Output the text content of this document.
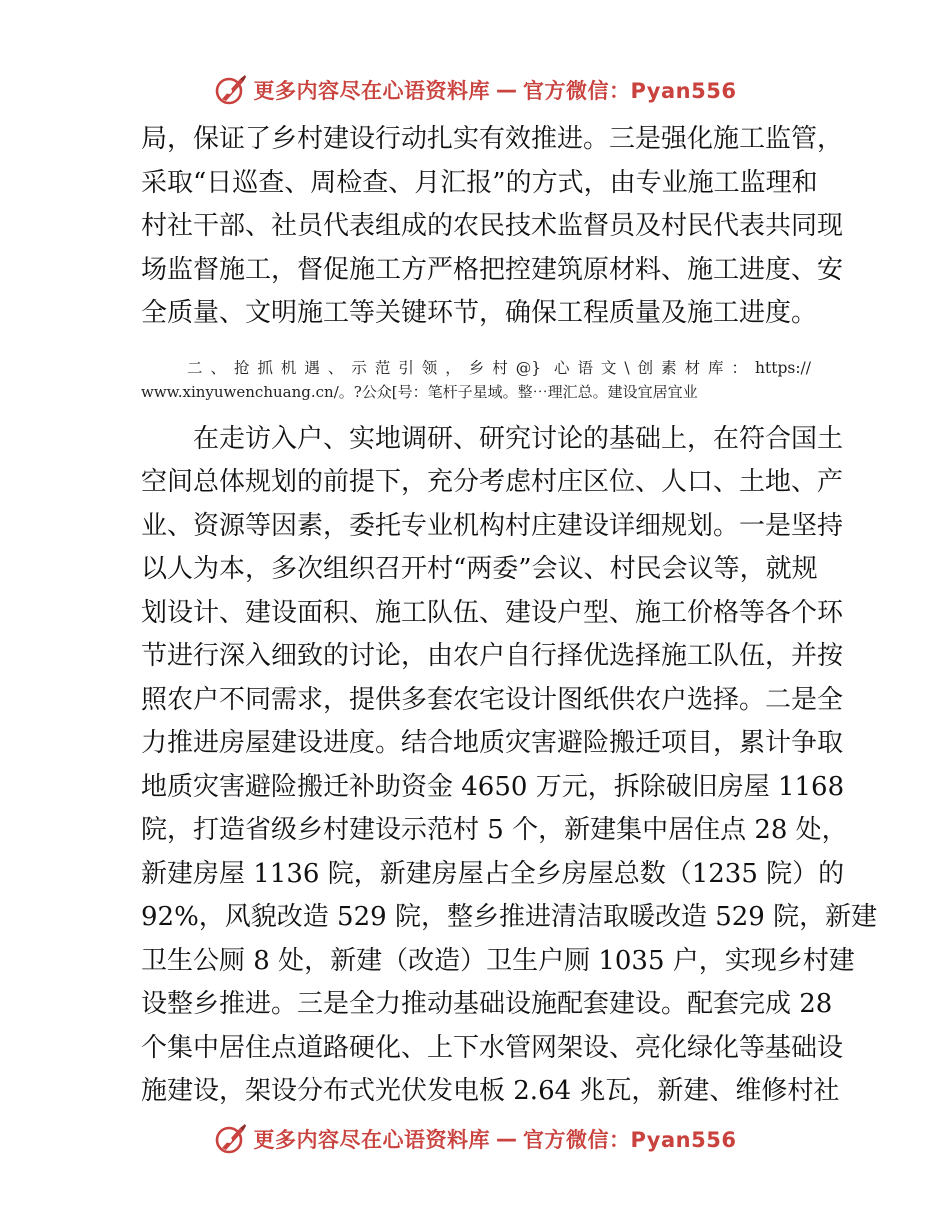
更多内容尽在心语资料库 — 官方微信：Pyan556
局，保证了乡村建设行动扎实有效推进。三是强化施工监管，
采取“日巡查、周检查、月汇报”的方式，由专业施工监理和
村社干部、社员代表组成的农民技术监督员及村民代表共同现
场监督施工，督促施工方严格把控建筑原材料、施工进度、安
全质量、文明施工等关键环节，确保工程质量及施工进度。
二、抢抓机遇、示范引领，乡村@} 心语文\创素材库：https://
www.xinyuwenchuang.cn/。?公众[号：笔杆子星域。整⋯理汇总。建设宜居宜业
在走访入户、实地调研、研究讨论的基础上，在符合国土
空间总体规划的前提下，充分考虑村庄区位、人口、土地、产
业、资源等因素，委托专业机构村庄建设详细规划。一是坚持
以人为本，多次组织召开村“两委”会议、村民会议等，就规
划设计、建设面积、施工队伍、建设户型、施工价格等各个环
节进行深入细致的讨论，由农户自行择优选择施工队伍，并按
照农户不同需求，提供多套农宅设计图纸供农户选择。二是全
力推进房屋建设进度。结合地质灾害避险搬迁项目，累计争取
地质灾害避险搬迁补助资金 4650 万元，拆除破旧房屋 1168
院，打造省级乡村建设示范村 5 个，新建集中居住点 28 处，
新建房屋 1136 院，新建房屋占全乡房屋总数（1235 院）的
92%，风貌改造 529 院，整乡推进清洁取暖改造 529 院，新建
卫生公厕 8 处，新建（改造）卫生户厕 1035 户，实现乡村建
设整乡推进。三是全力推动基础设施配套建设。配套完成 28
个集中居住点道路硬化、上下水管网架设、亮化绿化等基础设
施建设，架设分布式光伏发电板 2.64 兆瓦，新建、维修村社
更多内容尽在心语资料库 — 官方微信：Pyan556
